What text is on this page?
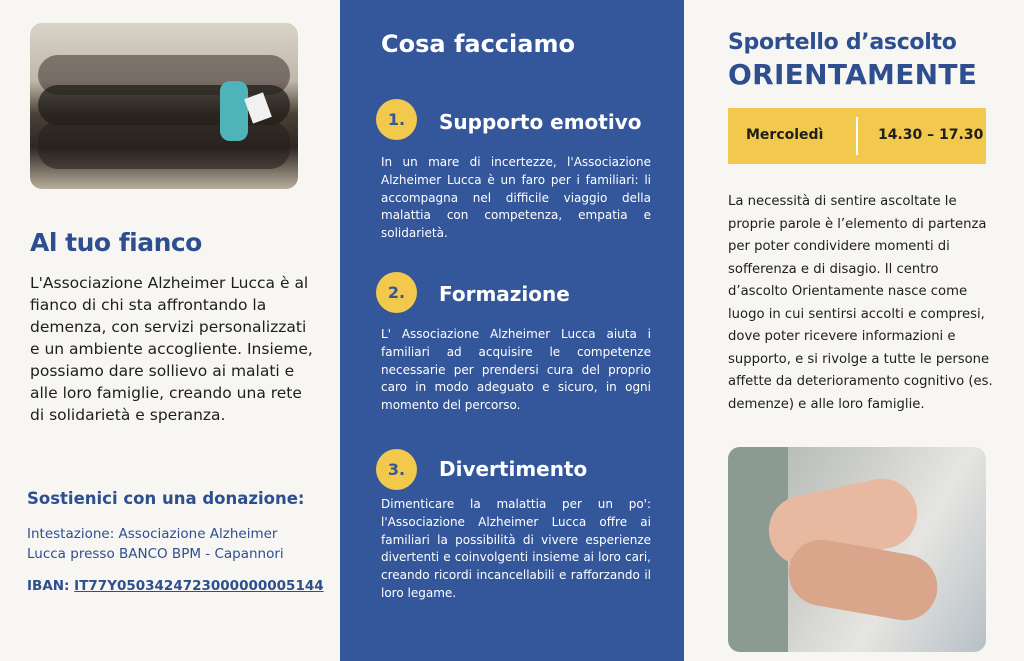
Al tuo fianco
L'Associazione Alzheimer Lucca è al fianco di chi sta affrontando la demenza, con servizi personalizzati e un ambiente accogliente. Insieme, possiamo dare sollievo ai malati e alle loro famiglie, creando una rete di solidarietà e speranza.
Sostienici con una donazione:
Intestazione: Associazione Alzheimer Lucca presso BANCO BPM - Capannori
IBAN: IT77Y0503424723000000005144
Cosa facciamo
1.	Supporto emotivo
In un mare di incertezze, l'Associazione Alzheimer Lucca è un faro per i familiari: li accompagna nel difficile viaggio della malattia con competenza, empatia e solidarietà.
2.	Formazione
L' Associazione Alzheimer Lucca aiuta i familiari ad acquisire le competenze necessarie per prendersi cura del proprio caro in modo adeguato e sicuro, in ogni momento del percorso.
3.	Divertimento
Dimenticare la malattia per un po': l'Associazione Alzheimer Lucca offre ai familiari la possibilità di vivere esperienze divertenti e coinvolgenti insieme ai loro cari, creando ricordi incancellabili e rafforzando il loro legame.
Sportello d’ascolto
ORIENTAMENTE
Mercoledì	14.30 – 17.30
La necessità di sentire ascoltate le proprie parole è l’elemento di partenza per poter condividere momenti di sofferenza e di disagio. Il centro d’ascolto Orientamente nasce come luogo in cui sentirsi accolti e compresi, dove poter ricevere informazioni e supporto, e si rivolge a tutte le persone affette da deterioramento cognitivo (es. demenze) e alle loro famiglie.
